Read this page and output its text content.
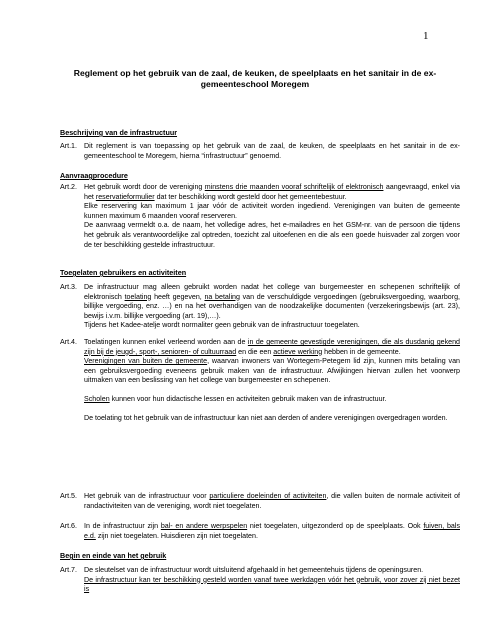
1
Reglement op het gebruik van de zaal, de keuken, de speelplaats en het sanitair in de ex-gemeenteschool Moregem
Beschrijving van de infrastructuur
Art.1. Dit reglement is van toepassing op het gebruik van de zaal, de keuken, de speelplaats en het sanitair in de ex-gemeenteschool te Moregem, hierna “infrastructuur” genoemd.

Aanvraagprocedure
Art.2. Het gebruik wordt door de vereniging minstens drie maanden vooraf schriftelijk of elektronisch aangevraagd, enkel via het reservatieformulier dat ter beschikking wordt gesteld door het gemeentebestuur.

Elke reservering kan maximum 1 jaar vóór de activiteit worden ingediend. Verenigingen van buiten de gemeente kunnen maximum 6 maanden vooraf reserveren.

De aanvraag vermeldt o.a. de naam, het volledige adres, het e-mailadres en het GSM-nr. van de persoon die tijdens het gebruik als verantwoordelijke zal optreden, toezicht zal uitoefenen en die als een goede huisvader zal zorgen voor de ter beschikking gestelde infrastructuur.

Toegelaten gebruikers en activiteiten
Art.3. De infrastructuur mag alleen gebruikt worden nadat het college van burgemeester en schepenen schriftelijk of elektronisch toelating heeft gegeven, na betaling van de verschuldigde vergoedingen (gebruiksvergoeding, waarborg, billijke vergoeding, enz. …) en na het overhandigen van de noodzakelijke documenten (verzekeringsbewijs (art. 23), bewijs i.v.m. billijke vergoeding (art. 19),…).

Tijdens het Kadee-atelje wordt normaliter geen gebruik van de infrastructuur toegelaten.

Art.4. Toelatingen kunnen enkel verleend worden aan de in de gemeente gevestigde verenigingen, die als dusdanig gekend zijn bij de jeugd-, sport-, senioren- of cultuurraad en die een actieve werking hebben in de gemeente.

Verenigingen van buiten de gemeente, waarvan inwoners van Wortegem-Petegem lid zijn, kunnen mits betaling van een gebruiksvergoeding eveneens gebruik maken van de infrastructuur. Afwijkingen hiervan zullen het voorwerp uitmaken van een beslissing van het college van burgemeester en schepenen.

Scholen kunnen voor hun didactische lessen en activiteiten gebruik maken van de infrastructuur.

De toelating tot het gebruik van de infrastructuur kan niet aan derden of andere verenigingen overgedragen worden.

Art.5. Het gebruik van de infrastructuur voor particuliere doeleinden of activiteiten, die vallen buiten de normale activiteit of randactiviteiten van de vereniging, wordt niet toegelaten.

Art.6. In de infrastructuur zijn bal- en andere werpspelen niet toegelaten, uitgezonderd op de speelplaats. Ook fuiven, bals e.d. zijn niet toegelaten. Huisdieren zijn niet toegelaten.

Begin en einde van het gebruik
Art.7. De sleutelset van de infrastructuur wordt uitsluitend afgehaald in het gemeentehuis tijdens de openingsuren.

De infrastructuur kan ter beschikking gesteld worden vanaf twee werkdagen vóór het gebruik, voor zover zij niet bezet is
